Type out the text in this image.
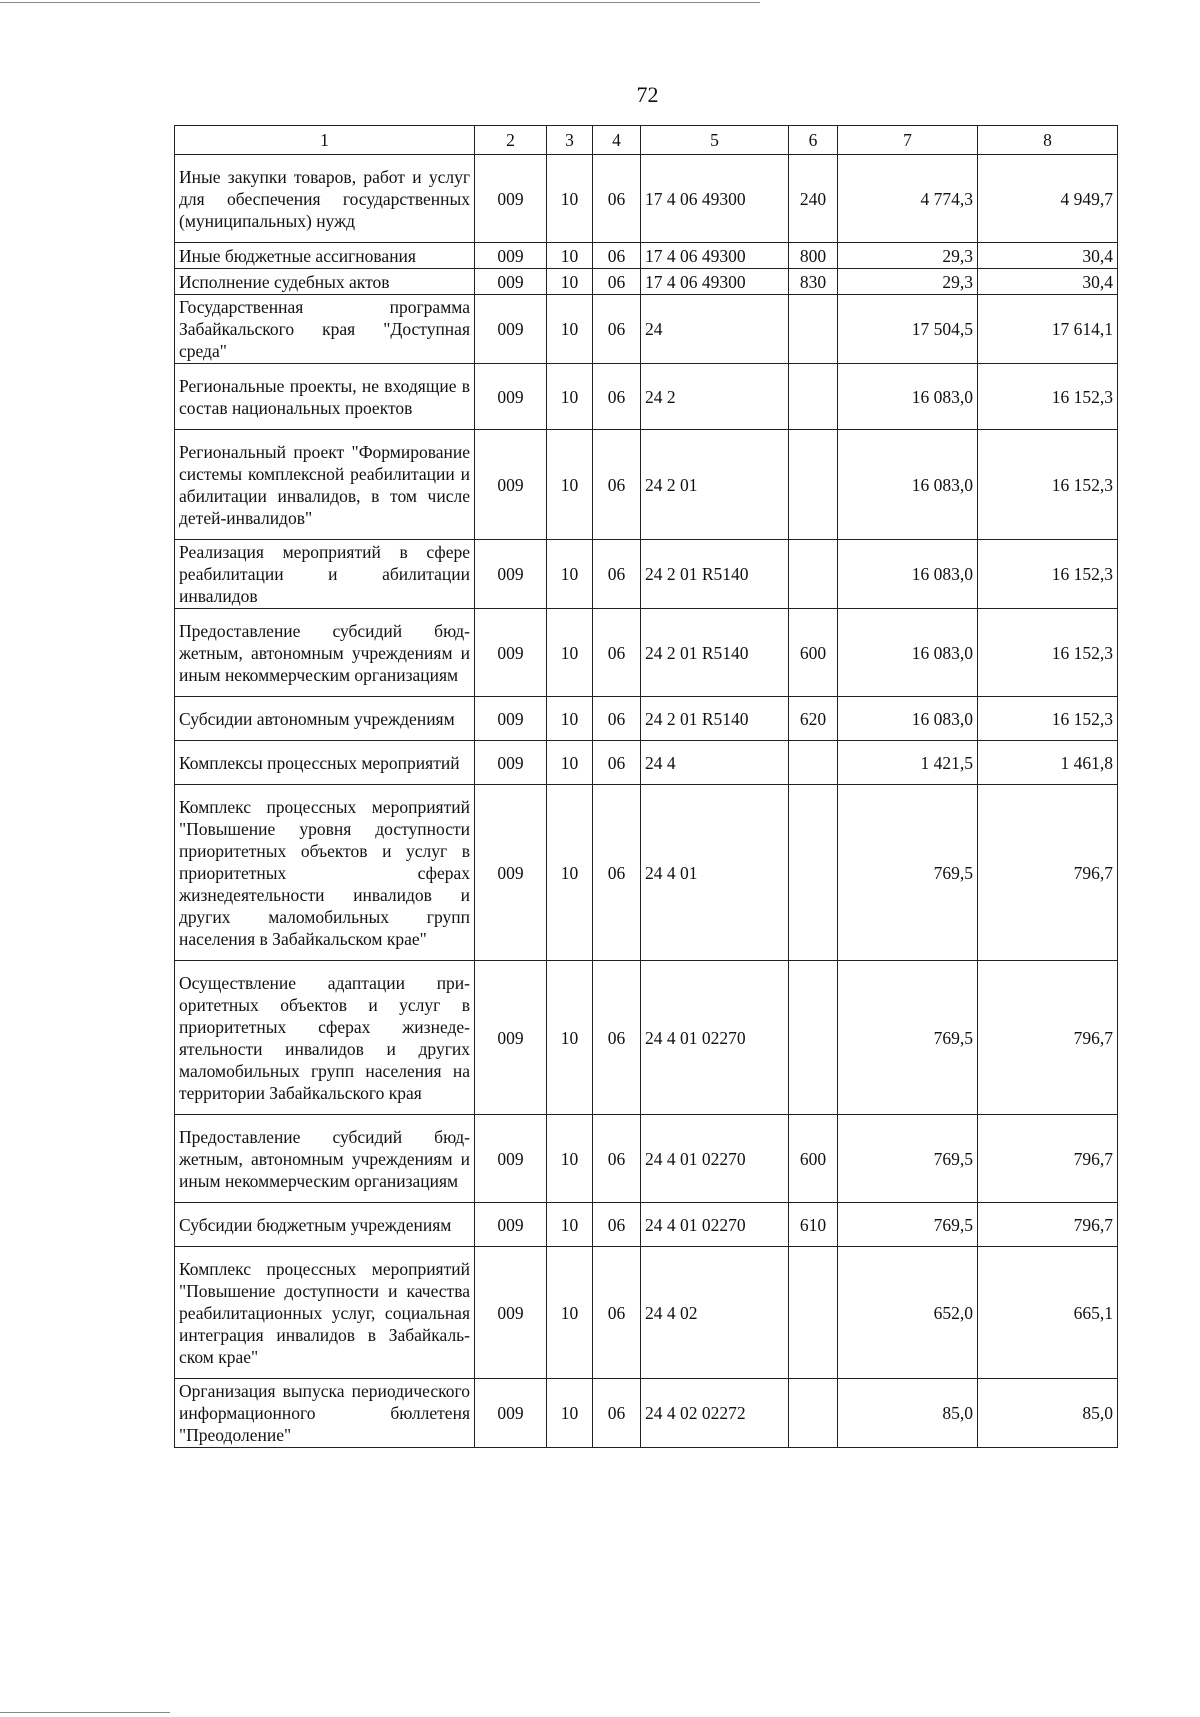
72
1	2	3	4	5	6	7	8
Иные закупки товаров, работ и услуг для обеспечения государственных (муниципальных) нужд	009	10	06	17 4 06 49300	240	4 774,3	4 949,7
Иные бюджетные ассигнования	009	10	06	17 4 06 49300	800	29,3	30,4
Исполнение судебных актов	009	10	06	17 4 06 49300	830	29,3	30,4
Государственная программа Забайкальского края "Доступная среда"	009	10	06	24		17 504,5	17 614,1
Региональные проекты, не входящие в состав национальных проектов	009	10	06	24 2		16 083,0	16 152,3
Региональный проект "Формирование системы комплексной реабилитации и абилитации инвалидов, в том числе детей-инвалидов"	009	10	06	24 2 01		16 083,0	16 152,3
Реализация мероприятий в сфере реабилитации и абилитации инвалидов	009	10	06	24 2 01 R5140		16 083,0	16 152,3
Предоставление субсидий бюджетным, автономным учреждениям и иным некоммерческим организациям	009	10	06	24 2 01 R5140	600	16 083,0	16 152,3
Субсидии автономным учреждениям	009	10	06	24 2 01 R5140	620	16 083,0	16 152,3
Комплексы процессных мероприятий	009	10	06	24 4		1 421,5	1 461,8
Комплекс процессных мероприятий "Повышение уровня доступности приоритетных объектов и услуг в приоритетных сферах жизнедеятельности инвалидов и других маломобильных групп населения в Забайкальском крае"	009	10	06	24 4 01		769,5	796,7
Осуществление адаптации приоритетных объектов и услуг в приоритетных сферах жизнедеятельности инвалидов и других маломобильных групп населения на территории Забайкальского края	009	10	06	24 4 01 02270		769,5	796,7
Предоставление субсидий бюджетным, автономным учреждениям и иным некоммерческим организациям	009	10	06	24 4 01 02270	600	769,5	796,7
Субсидии бюджетным учреждениям	009	10	06	24 4 01 02270	610	769,5	796,7
Комплекс процессных мероприятий "Повышение доступности и качества реабилитационных услуг, социальная интеграция инвалидов в Забайкальском крае"	009	10	06	24 4 02		652,0	665,1
Организация выпуска периодического информационного бюллетеня "Преодоление"	009	10	06	24 4 02 02272		85,0	85,0
